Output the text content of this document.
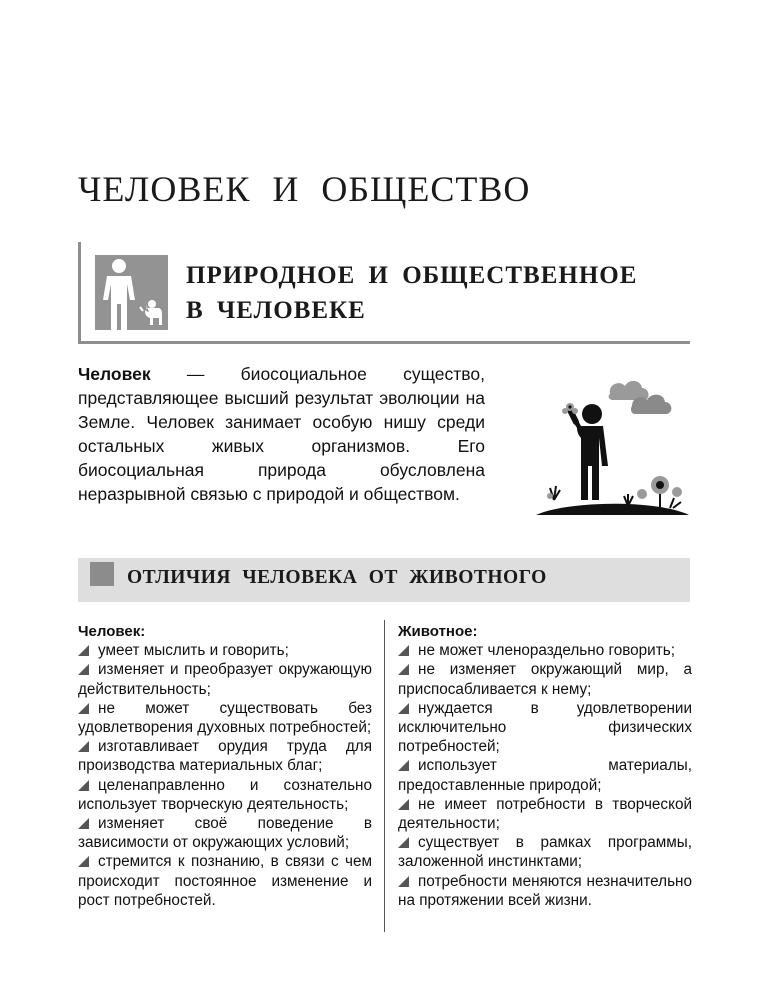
ЧЕЛОВЕК И ОБЩЕСТВО
ПРИРОДНОЕ И ОБЩЕСТВЕННОЕ
В ЧЕЛОВЕКЕ
Человек — биосоциальное существо, представляющее высший результат эволюции на Земле. Человек занимает особую нишу среди остальных живых организмов. Его биосоциальная природа обусловлена неразрывной связью с природой и обществом.
ОТЛИЧИЯ ЧЕЛОВЕКА ОТ ЖИВОТНОГО
Человек:
умеет мыслить и говорить;
изменяет и преобразует окружающую действительность;
не может существовать без удовлетворения духовных потребностей;
изготавливает орудия труда для производства материальных благ;
целенаправленно и сознательно использует творческую деятельность;
изменяет своё поведение в зависимости от окружающих условий;
стремится к познанию, в связи с чем происходит постоянное изменение и рост потребностей.
Животное:
не может членораздельно говорить;
не изменяет окружающий мир, а приспосабливается к нему;
нуждается в удовлетворении исключительно физических потребностей;
использует материалы, предоставленные природой;
не имеет потребности в творческой деятельности;
существует в рамках программы, заложенной инстинктами;
потребности меняются незначительно на протяжении всей жизни.
